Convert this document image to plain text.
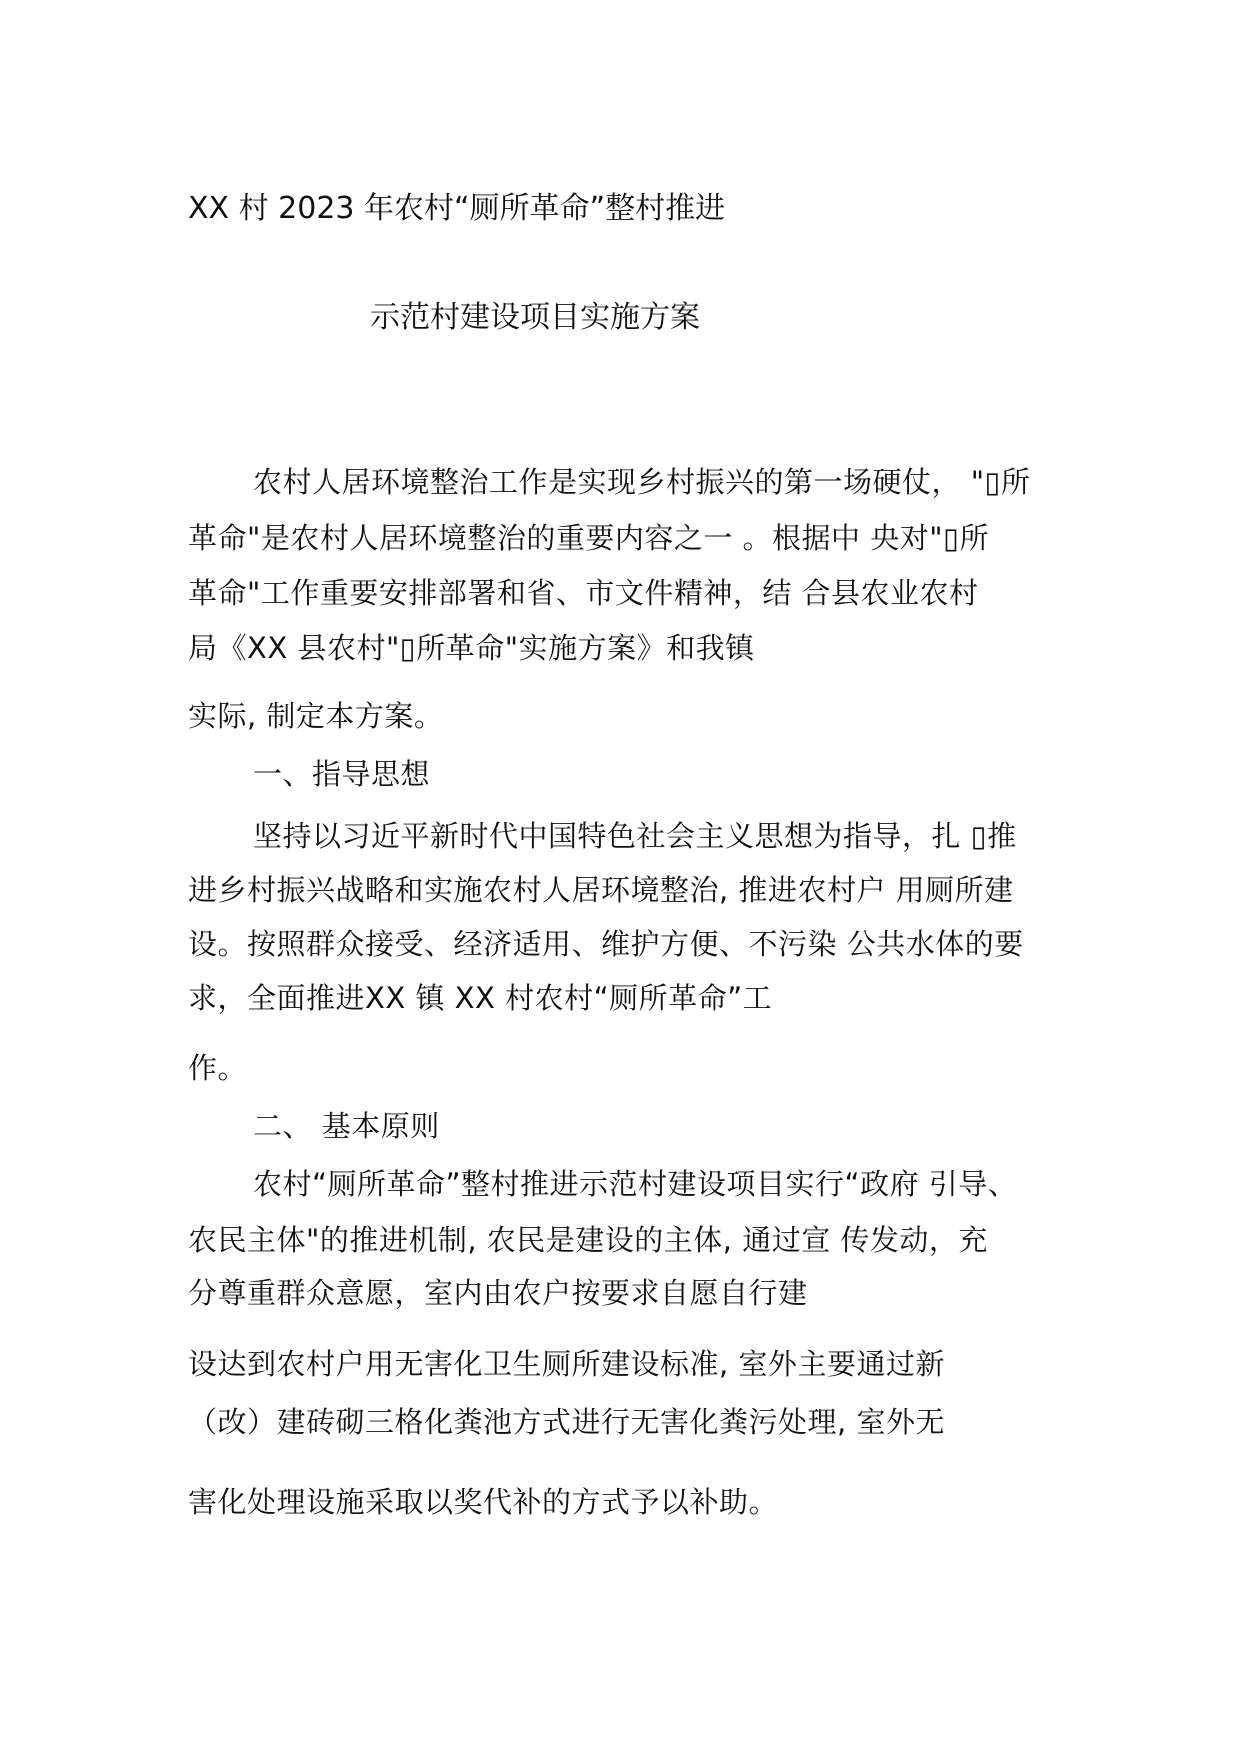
XX 村 2023 年农村“厕所革命”整村推进
示范村建设项目实施方案
农村人居环境整治工作是实现乡村振兴的第一场硬仗， "▯所
革命"是农村人居环境整治的重要内容之一 。根据中 央对"▯所
革命"工作重要安排部署和省、市文件精神，结 合县农业农村
局《XX 县农村"▯所革命"实施方案》和我镇
实际, 制定本方案。
一、指导思想
坚持以习近平新时代中国特色社会主义思想为指导，扎 ▯推
进乡村振兴战略和实施农村人居环境整治, 推进农村户 用厕所建
设。按照群众接受、经济适用、维护方便、不污染 公共水体的要
求，全面推进XX 镇 XX 村农村“厕所革命”工
作。
二、 基本原则
农村“厕所革命”整村推进示范村建设项目实行“政府 引导、
农民主体"的推进机制, 农民是建设的主体, 通过宣 传发动，充
分尊重群众意愿，室内由农户按要求自愿自行建
设达到农村户用无害化卫生厕所建设标准, 室外主要通过新
（改）建砖砌三格化粪池方式进行无害化粪污处理, 室外无
害化处理设施采取以奖代补的方式予以补助。
